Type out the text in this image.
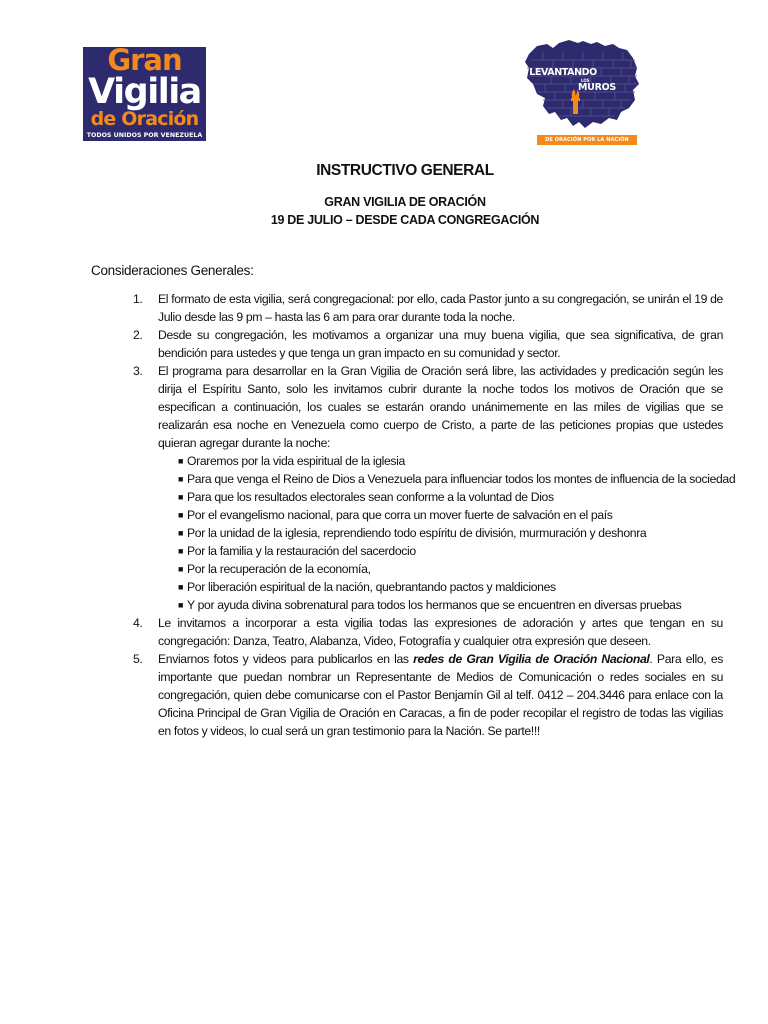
Gran
Vigilia
de Oración
TODOS UNIDOS POR VENEZUELA
LEVANTANDO
LOS
MUROS
DE ORACIÓN POR LA NACIÓN
INSTRUCTIVO GENERAL
GRAN VIGILIA DE ORACIÓN
19 DE JULIO – DESDE CADA CONGREGACIÓN
Consideraciones Generales:
1.	El formato de esta vigilia, será congregacional: por ello, cada Pastor junto a su congregación, se unirán el 19 de Julio desde las 9 pm – hasta las 6 am para orar durante toda la noche.
2.	Desde su congregación, les motivamos a organizar una muy buena vigilia, que sea significativa, de gran bendición para ustedes y que tenga un gran impacto en su comunidad y sector.
3.	El programa para desarrollar en la Gran Vigilia de Oración será libre, las actividades y predicación según les dirija el Espíritu Santo, solo les invitamos cubrir durante la noche todos los motivos de Oración que se especifican a continuación, los cuales se estarán orando unánimemente en las miles de vigilias que se realizarán esa noche en Venezuela como cuerpo de Cristo, a parte de las peticiones propias que ustedes quieran agregar durante la noche:
■ Oraremos por la vida espiritual de la iglesia
■ Para que venga el Reino de Dios a Venezuela para influenciar todos los montes de influencia de la sociedad
■ Para que los resultados electorales sean conforme a la voluntad de Dios
■ Por el evangelismo nacional, para que corra un mover fuerte de salvación en el país
■ Por la unidad de la iglesia, reprendiendo todo espíritu de división, murmuración y deshonra
■ Por la familia y la restauración del sacerdocio
■ Por la recuperación de la economía,
■ Por liberación espiritual de la nación, quebrantando pactos y maldiciones
■ Y por ayuda divina sobrenatural para todos los hermanos que se encuentren en diversas pruebas
4.	Le invitamos a incorporar a esta vigilia todas las expresiones de adoración y artes que tengan en su congregación: Danza, Teatro, Alabanza, Video, Fotografía y cualquier otra expresión que deseen.
5.	Enviarnos fotos y videos para publicarlos en las redes de Gran Vigilia de Oración Nacional. Para ello, es importante que puedan nombrar un Representante de Medios de Comunicación o redes sociales en su congregación, quien debe comunicarse con el Pastor Benjamín Gil al telf. 0412 – 204.3446 para enlace con la Oficina Principal de Gran Vigilia de Oración en Caracas, a fin de poder recopilar el registro de todas las vigilias en fotos y videos, lo cual será un gran testimonio para la Nación. Se parte!!!
